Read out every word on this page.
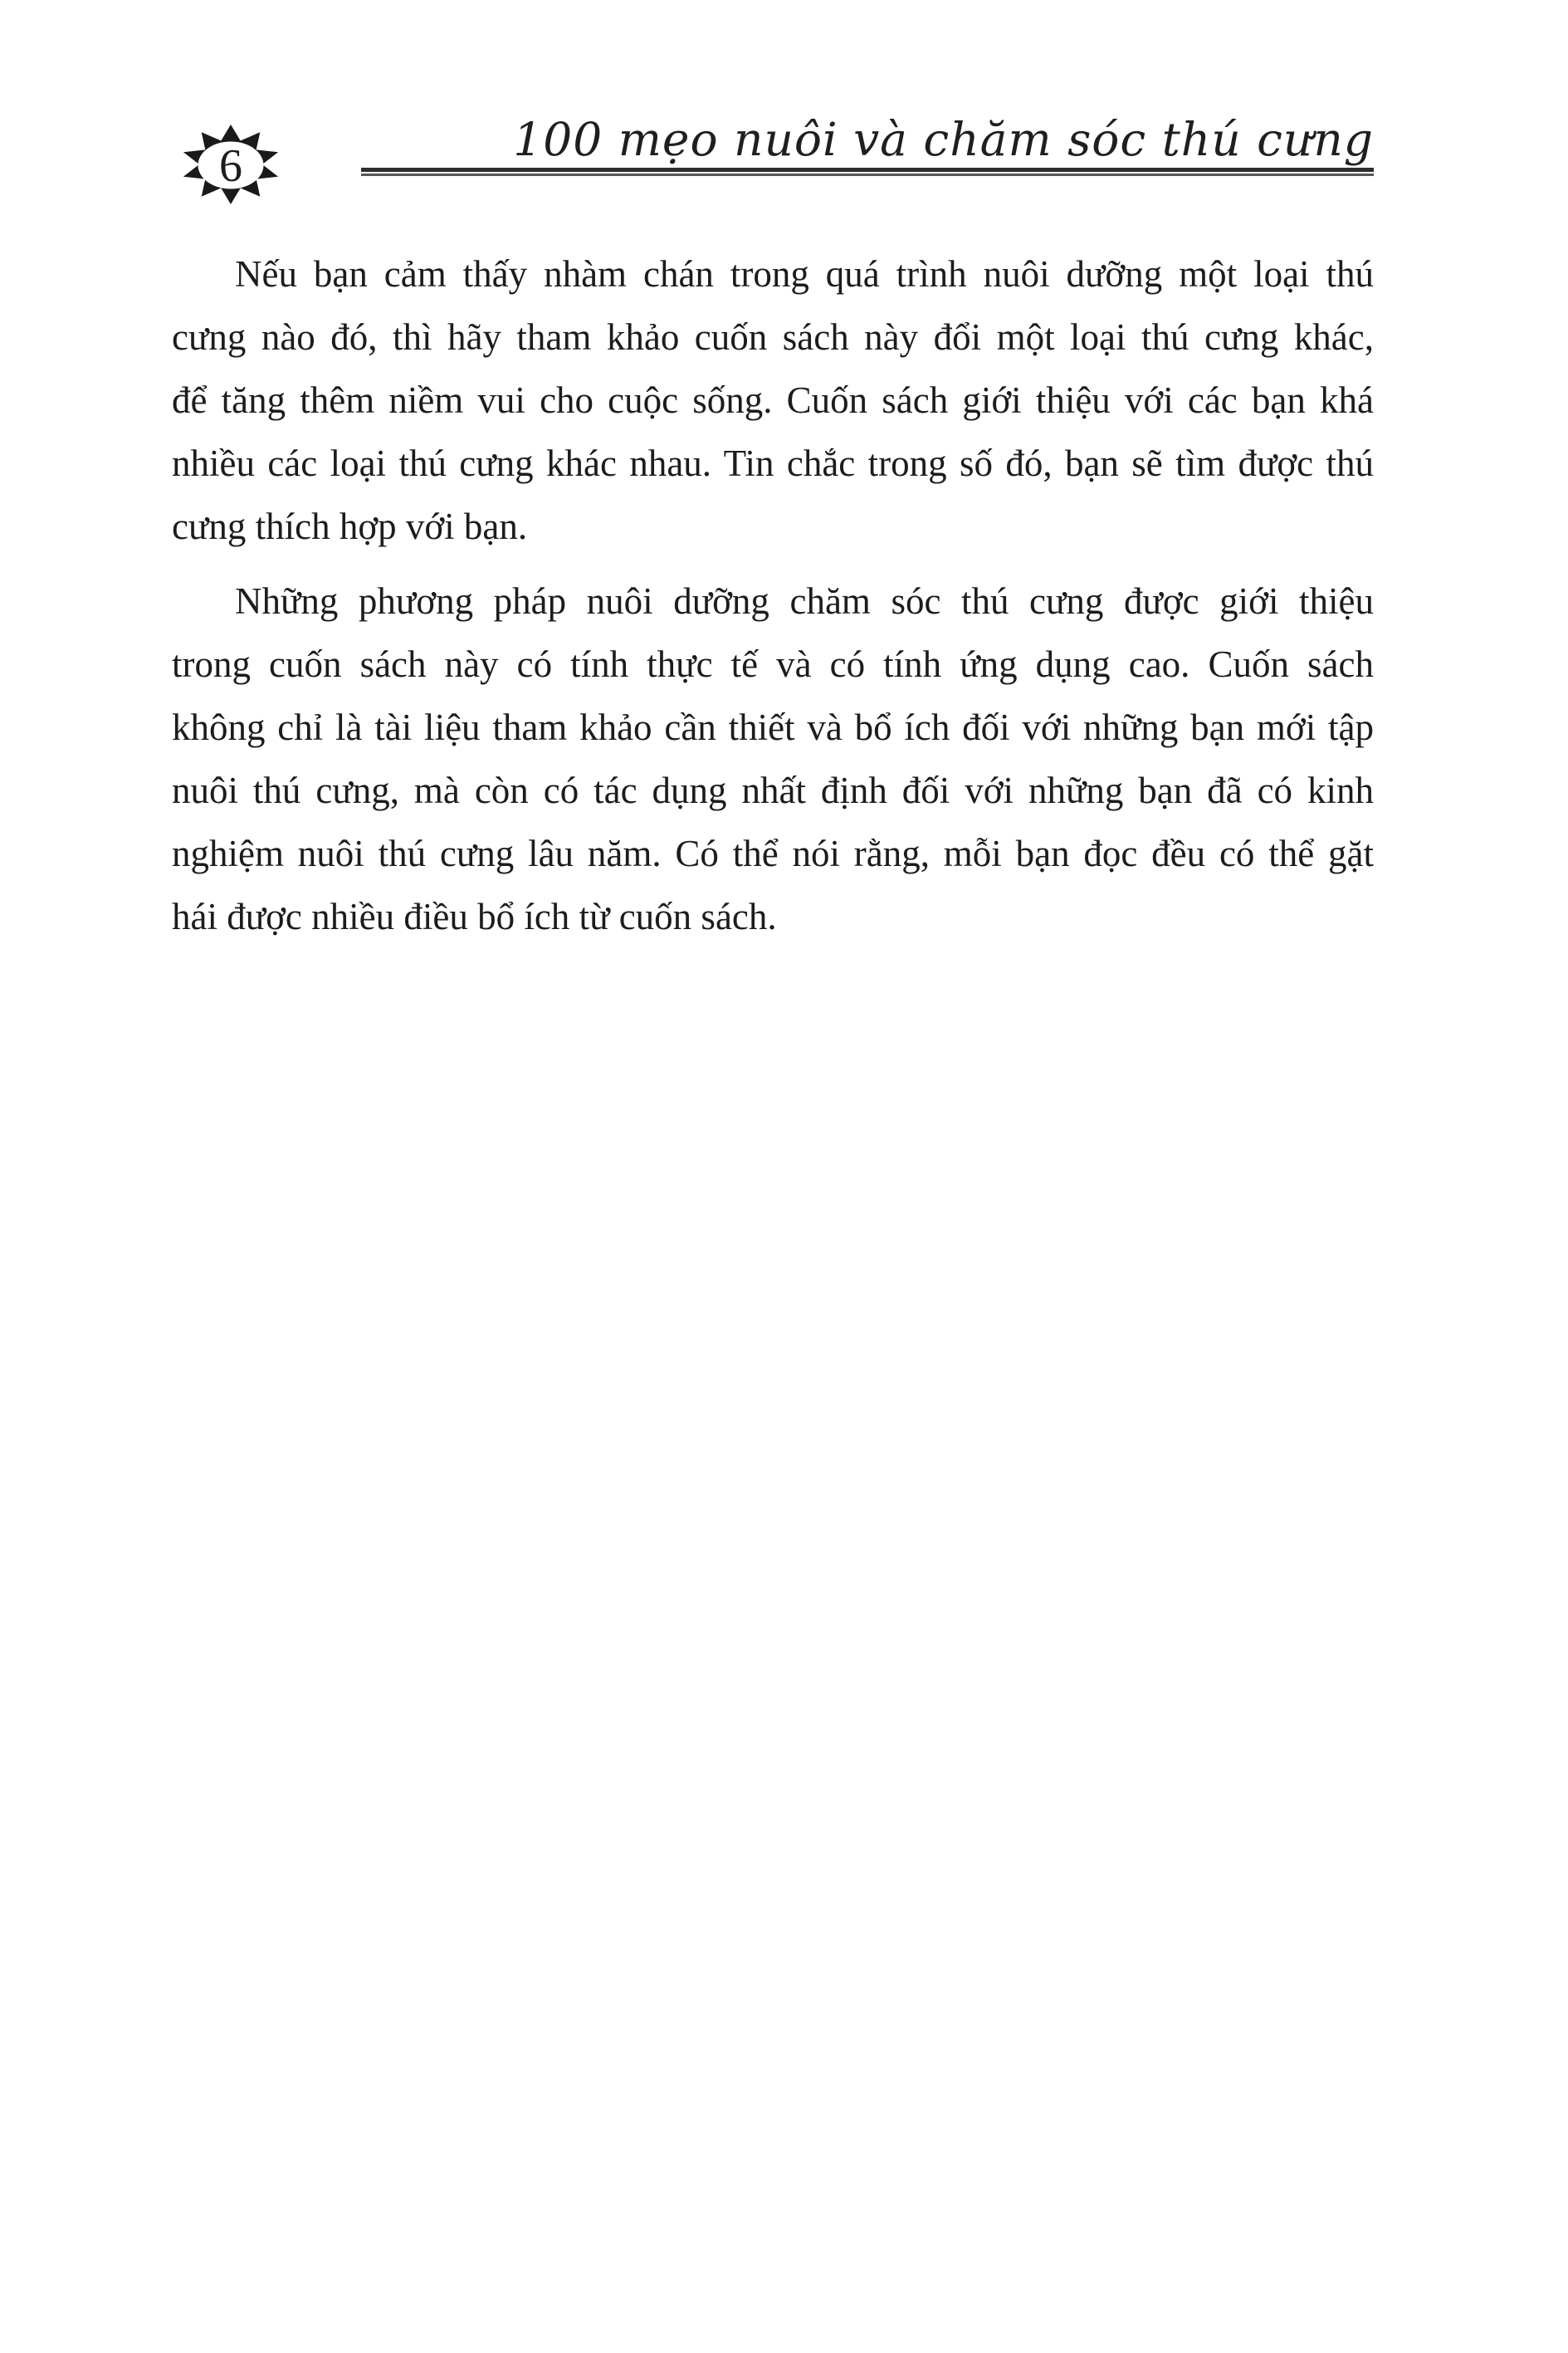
6	100 mẹo nuôi và chăm sóc thú cưng
Nếu bạn cảm thấy nhàm chán trong quá trình nuôi dưỡng một loại thú
cưng nào đó, thì hãy tham khảo cuốn sách này đổi một loại thú cưng khác,
để tăng thêm niềm vui cho cuộc sống. Cuốn sách giới thiệu với các bạn khá
nhiều các loại thú cưng khác nhau. Tin chắc trong số đó, bạn sẽ tìm được thú
cưng thích hợp với bạn.
Những phương pháp nuôi dưỡng chăm sóc thú cưng được giới thiệu
trong cuốn sách này có tính thực tế và có tính ứng dụng cao. Cuốn sách
không chỉ là tài liệu tham khảo cần thiết và bổ ích đối với những bạn mới tập
nuôi thú cưng, mà còn có tác dụng nhất định đối với những bạn đã có kinh
nghiệm nuôi thú cưng lâu năm. Có thể nói rằng, mỗi bạn đọc đều có thể gặt
hái được nhiều điều bổ ích từ cuốn sách.
